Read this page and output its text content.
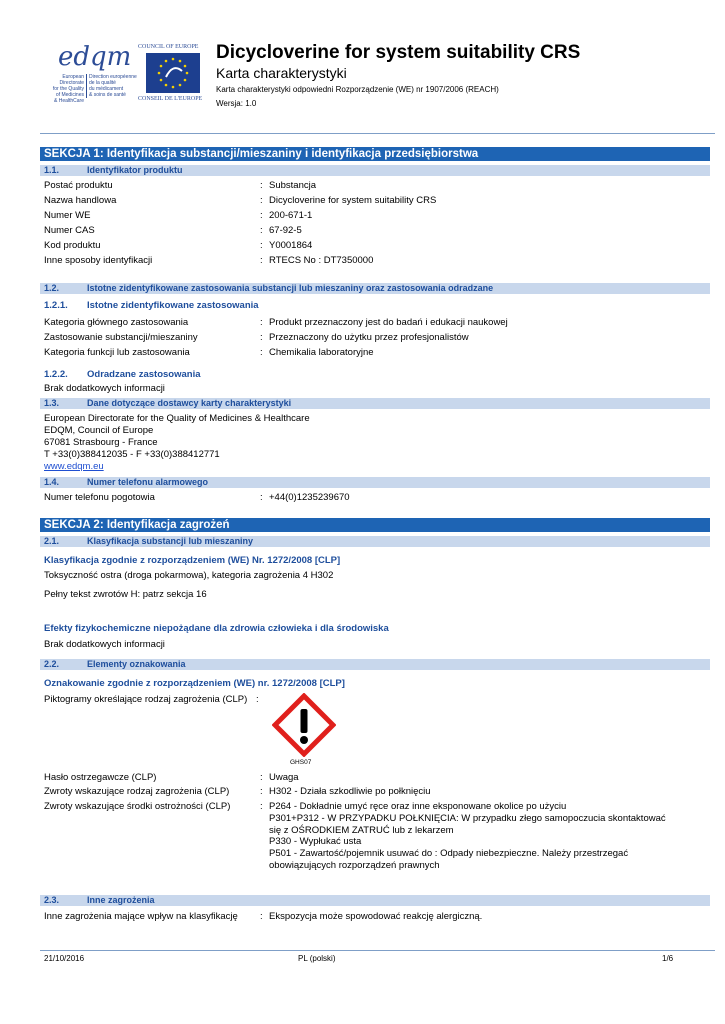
edqm
European Directorate
for the Quality
of Medicines
& HealthCare
Direction européenne
de la qualité
du médicament
& soins de santé
COUNCIL OF EUROPE
CONSEIL DE L'EUROPE
Dicycloverine for system suitability CRS
Karta charakterystyki
Karta charakterystyki odpowiedni Rozporządzenie (WE) nr 1907/2006 (REACH)
Wersja: 1.0
SEKCJA 1: Identyfikacja substancji/mieszaniny i identyfikacja przedsiębiorstwa
1.1.	Identyfikator produktu
Postać produktu	: Substancja
Nazwa handlowa	: Dicycloverine for system suitability CRS
Numer WE	: 200-671-1
Numer CAS	: 67-92-5
Kod produktu	: Y0001864
Inne sposoby identyfikacji	: RTECS No : DT7350000
1.2.	Istotne zidentyfikowane zastosowania substancji lub mieszaniny oraz zastosowania odradzane
1.2.1. Istotne zidentyfikowane zastosowania
Kategoria głównego zastosowania	: Produkt przeznaczony jest do badań i edukacji naukowej
Zastosowanie substancji/mieszaniny	: Przeznaczony do użytku przez profesjonalistów
Kategoria funkcji lub zastosowania	: Chemikalia laboratoryjne
1.2.2. Odradzane zastosowania
Brak dodatkowych informacji
1.3.	Dane dotyczące dostawcy karty charakterystyki
European Directorate for the Quality of Medicines & Healthcare
EDQM, Council of Europe
67081 Strasbourg - France
T +33(0)388412035 - F +33(0)388412771
www.edqm.eu
1.4.	Numer telefonu alarmowego
Numer telefonu pogotowia	: +44(0)1235239670
SEKCJA 2: Identyfikacja zagrożeń
2.1.	Klasyfikacja substancji lub mieszaniny
Klasyfikacja zgodnie z rozporządzeniem (WE) Nr. 1272/2008 [CLP]
Toksyczność ostra (droga pokarmowa), kategoria zagrożenia 4 H302
Pełny tekst zwrotów H: patrz sekcja 16
Efekty fizykochemiczne niepożądane dla zdrowia człowieka i dla środowiska
Brak dodatkowych informacji
2.2.	Elementy oznakowania
Oznakowanie zgodnie z rozporządzeniem (WE) nr. 1272/2008 [CLP]
Piktogramy określające rodzaj zagrożenia (CLP) :
GHS07
Hasło ostrzegawcze (CLP)	: Uwaga
Zwroty wskazujące rodzaj zagrożenia (CLP)	: H302 - Działa szkodliwie po połknięciu
Zwroty wskazujące środki ostrożności (CLP)	: P264 - Dokładnie umyć ręce oraz inne eksponowane okolice po użyciu
P301+P312 - W PRZYPADKU POŁKNIĘCIA: W przypadku złego samopoczucia skontaktować
się z OŚRODKIEM ZATRUĆ lub z lekarzem
P330 - Wypłukać usta
P501 - Zawartość/pojemnik usuwać do : Odpady niebezpieczne. Należy przestrzegać
obowiązujących rozporządzeń prawnych
2.3.	Inne zagrożenia
Inne zagrożenia mające wpływ na klasyfikację : Ekspozycja może spowodować reakcję alergiczną.
21/10/2016	PL (polski)	1/6
